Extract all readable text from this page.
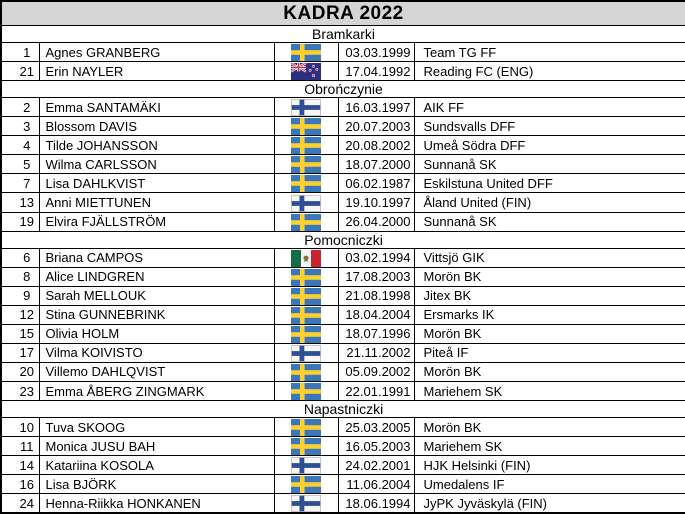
KADRA 2022				
Bramkarki				
1	Agnes GRANBERG		03.03.1999	Team TG FF
21	Erin NAYLER		17.04.1992	Reading FC (ENG)
Obrończynie				
2	Emma SANTAMÄKI		16.03.1997	AIK FF
3	Blossom DAVIS		20.07.2003	Sundsvalls DFF
4	Tilde JOHANSSON		20.08.2002	Umeå Södra DFF
5	Wilma CARLSSON		18.07.2000	Sunnanå SK
7	Lisa DAHLKVIST		06.02.1987	Eskilstuna United DFF
13	Anni MIETTUNEN		19.10.1997	Åland United (FIN)
19	Elvira FJÄLLSTRÖM		26.04.2000	Sunnanå SK
Pomocniczki				
6	Briana CAMPOS		03.02.1994	Vittsjö GIK
8	Alice LINDGREN		17.08.2003	Morön BK
9	Sarah MELLOUK		21.08.1998	Jitex BK
12	Stina GUNNEBRINK		18.04.2004	Ersmarks IK
15	Olivia HOLM		18.07.1996	Morön BK
17	Vilma KOIVISTO		21.11.2002	Piteå IF
20	Villemo DAHLQVIST		05.09.2002	Morön BK
23	Emma ÅBERG ZINGMARK		22.01.1991	Mariehem SK
Napastniczki				
10	Tuva SKOOG		25.03.2005	Morön BK
11	Monica JUSU BAH		16.05.2003	Mariehem SK
14	Katariina KOSOLA		24.02.2001	HJK Helsinki (FIN)
16	Lisa BJÖRK		11.06.2004	Umedalens IF
24	Henna-Riikka HONKANEN		18.06.1994	JyPK Jyväskylä (FIN)
